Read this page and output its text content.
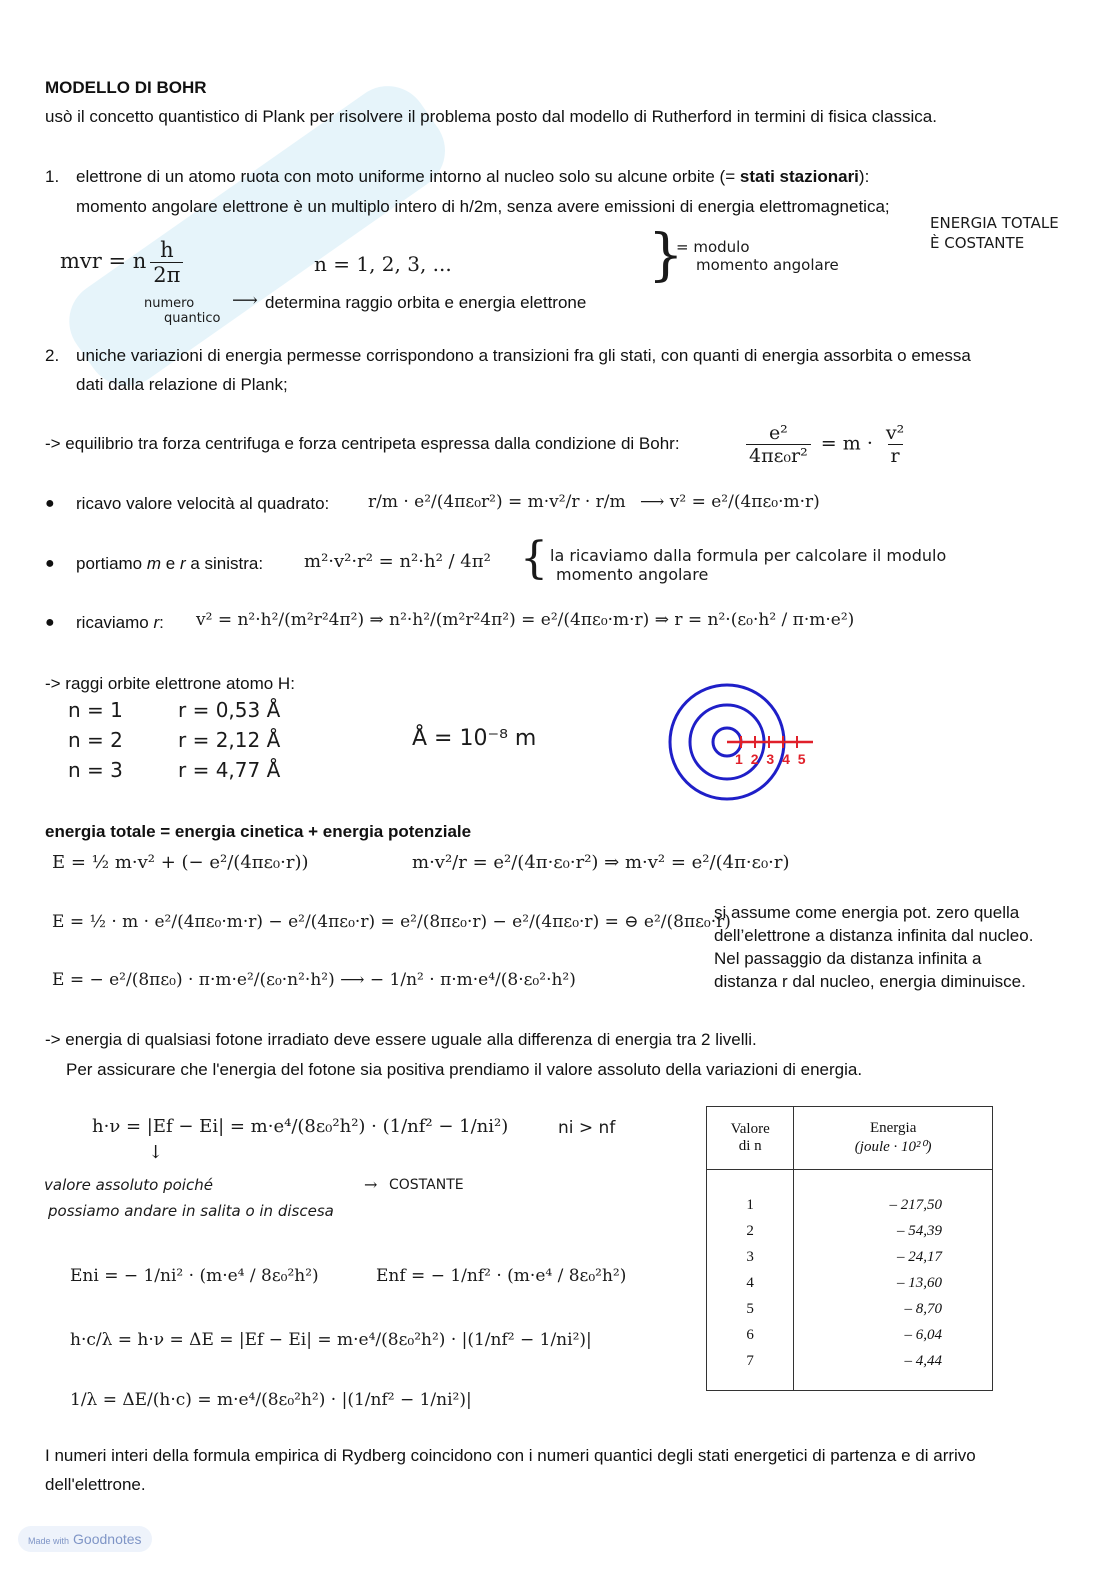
MODELLO DI BOHR
usò il concetto quantistico di Plank per risolvere il problema posto dal modello di Rutherford in termini di fisica classica.
1. elettrone di un atomo ruota con moto uniforme intorno al nucleo solo su alcune orbite (= stati stazionari):
momento angolare elettrone è un multiplo intero di h/2m, senza avere emissioni di energia elettromagnetica;
ENERGIA TOTALE
È COSTANTE
mvr = n $\frac{h}{2\pi}$	n = 1, 2, 3, ...	}
= modulo
momento angolare
numero
quantico
⟶ determina raggio orbita e energia elettrone
2. uniche variazioni di energia permesse corrispondono a transizioni fra gli stati, con quanti di energia assorbita o emessa
dati dalla relazione di Plank;
-> equilibrio tra forza centrifuga e forza centripeta espressa dalla condizione di Bohr:	$\frac{\text{e²}}{\text{4πε₀r²}} = m \cdot \frac{\text{v²}}{r}$
● ricavo valore velocità al quadrato: r/m · e²/(4πε₀r²) = m·v²/r · r/m ⟶ v² = e²/(4πε₀·m·r)
● portiamo m e r a sinistra: m²·v²·r² = n²·h² / 4π² { la ricaviamo dalla formula per calcolare il modulo
momento angolare
● ricaviamo r: v² = n²·h²/(m²r²4π²) ⇒ n²·h²/(m²r²4π²) = e²/(4πε₀·m·r) ⇒ r = n²·(ε₀·h² / π·m·e²)
-> raggi orbite elettrone atomo H:
n = 1	r = 0,53 Å
n = 2	r = 2,12 Å
n = 3	r = 4,77 Å
Å = 10⁻⁸ m
1 2 3 4 5
energia totale = energia cinetica + energia potenziale
E = ½ m·v² + (− e²/(4πε₀·r))	m·v²/r = e²/(4π·ε₀·r²) ⇒ m·v² = e²/(4π·ε₀·r)
E = ½ · m · e²/(4πε₀·m·r) − e²/(4πε₀·r) = e²/(8πε₀·r) − e²/(4πε₀·r) = ⊖ e²/(8πε₀·r)
E = − e²/(8πε₀) · π·m·e²/(ε₀·n²·h²) ⟶ − 1/n² · π·m·e⁴/(8·ε₀²·h²)
si assume come energia pot. zero quella
dell’elettrone a distanza infinita dal nucleo.
Nel passaggio da distanza infinita a
distanza r dal nucleo, energia diminuisce.
-> energia di qualsiasi fotone irradiato deve essere uguale alla differenza di energia tra 2 livelli.
Per assicurare che l'energia del fotone sia positiva prendiamo il valore assoluto della variazioni di energia.
h·ν = |Ef − Ei| = m·e⁴/(8ε₀²h²) · (1/nf² − 1/ni²)	ni > nf
↓
→ COSTANTE
valore assoluto poiché
possiamo andare in salita o in discesa
Eni = − 1/ni² · (m·e⁴ / 8ε₀²h²)	Enf = − 1/nf² · (m·e⁴ / 8ε₀²h²)
h·c/λ = h·ν = ΔE = |Ef − Ei| = m·e⁴/(8ε₀²h²) · |(1/nf² − 1/ni²)|
1/λ = ΔE/(h·c) = m·e⁴/(8ε₀²h²) · |(1/nf² − 1/ni²)|
Valore
di n	Energia
(joule · 10²⁰)
1	– 217,50
2	– 54,39
3	– 24,17
4	– 13,60
5	– 8,70
6	– 6,04
7	– 4,44
I numeri interi della formula empirica di Rydberg coincidono con i numeri quantici degli stati energetici di partenza e di arrivo
dell'elettrone.
Made with Goodnotes
